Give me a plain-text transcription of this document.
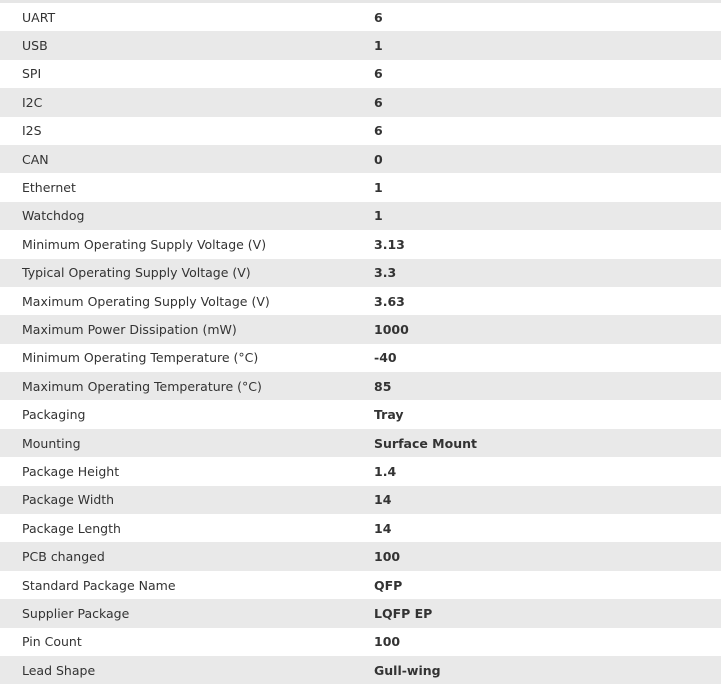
UART	6
USB	1
SPI	6
I2C	6
I2S	6
CAN	0
Ethernet	1
Watchdog	1
Minimum Operating Supply Voltage (V)	3.13
Typical Operating Supply Voltage (V)	3.3
Maximum Operating Supply Voltage (V)	3.63
Maximum Power Dissipation (mW)	1000
Minimum Operating Temperature (°C)	-40
Maximum Operating Temperature (°C)	85
Packaging	Tray
Mounting	Surface Mount
Package Height	1.4
Package Width	14
Package Length	14
PCB changed	100
Standard Package Name	QFP
Supplier Package	LQFP EP
Pin Count	100
Lead Shape	Gull-wing
